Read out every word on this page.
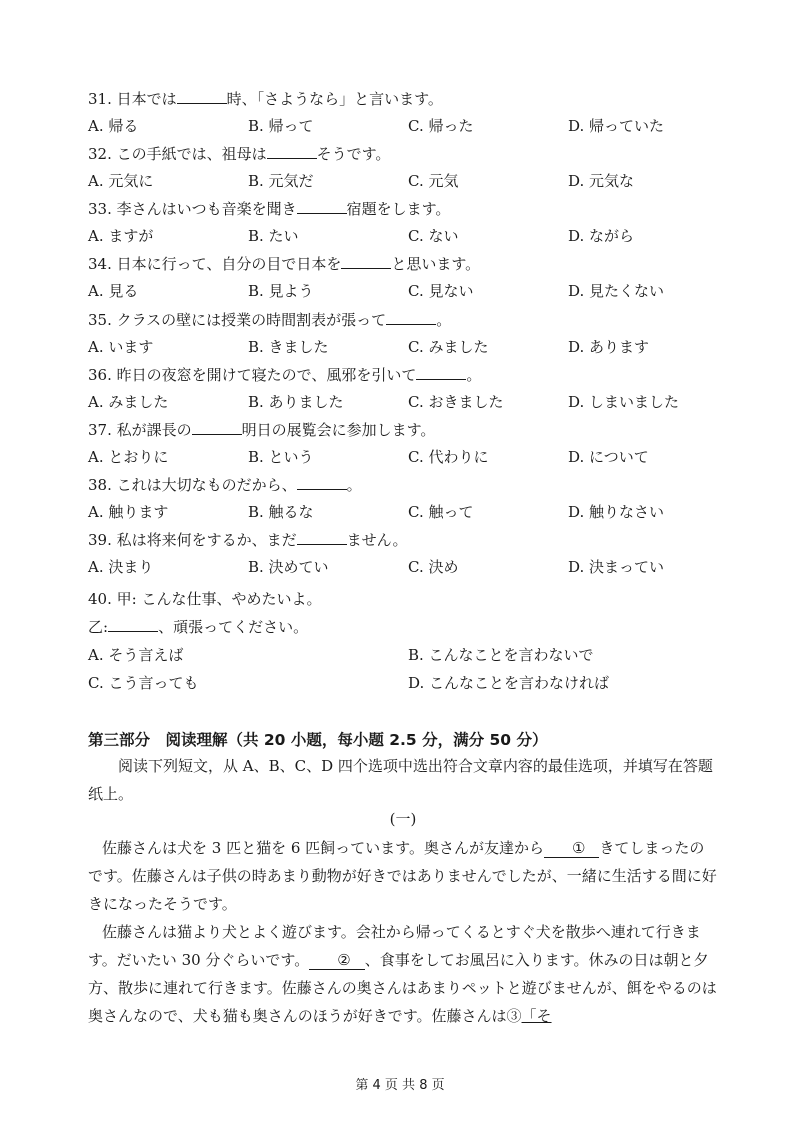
31. 日本では	時、「さようなら」と言います。
A. 帰る	B. 帰って	C. 帰った	D. 帰っていた
32. この手紙では、祖母は	そうです。
A. 元気に	B. 元気だ	C. 元気	D. 元気な
33. 李さんはいつも音楽を聞き	宿題をします。
A. ますが	B. たい	C. ない	D. ながら
34. 日本に行って、自分の目で日本を	と思います。
A. 見る	B. 見よう	C. 見ない	D. 見たくない
35. クラスの壁には授業の時間割表が張って	。
A. います	B. きました	C. みました	D. あります
36. 昨日の夜窓を開けて寝たので、風邪を引いて	。
A. みました	B. ありました	C. おきました	D. しまいました
37. 私が課長の	明日の展覧会に参加します。
A. とおりに	B. という	C. 代わりに	D. について
38. これは大切なものだから、	。
A. 触ります	B. 触るな	C. 触って	D. 触りなさい
39. 私は将来何をするか、まだ	ません。
A. 決まり	B. 決めてい	C. 決め	D. 決まってい
40. 甲: こんな仕事、やめたいよ。
乙:	、頑張ってください。
A. そう言えば	B. こんなことを言わないで
C. こう言っても	D. こんなことを言わなければ
第三部分　阅读理解（共 20 小题，每小题 2.5 分，满分 50 分）
阅读下列短文，从 A、B、C、D 四个选项中选出符合文章内容的最佳选项，并填写在答题纸上。
(一)
佐藤さんは犬を 3 匹と猫を 6 匹飼っています。奥さんが友達から ① きてしまったのです。佐藤さんは子供の時あまり動物が好きではありませんでしたが、一緒に生活する間に好きになったそうです。
佐藤さんは猫より犬とよく遊びます。会社から帰ってくるとすぐ犬を散歩へ連れて行きます。だいたい 30 分ぐらいです。 ② 、食事をしてお風呂に入ります。休みの日は朝と夕方、散歩に連れて行きます。佐藤さんの奥さんはあまりペットと遊びませんが、餌をやるのは奥さんなので、犬も猫も奥さんのほうが好きです。佐藤さんは③「そ
第 4 页 共 8 页
